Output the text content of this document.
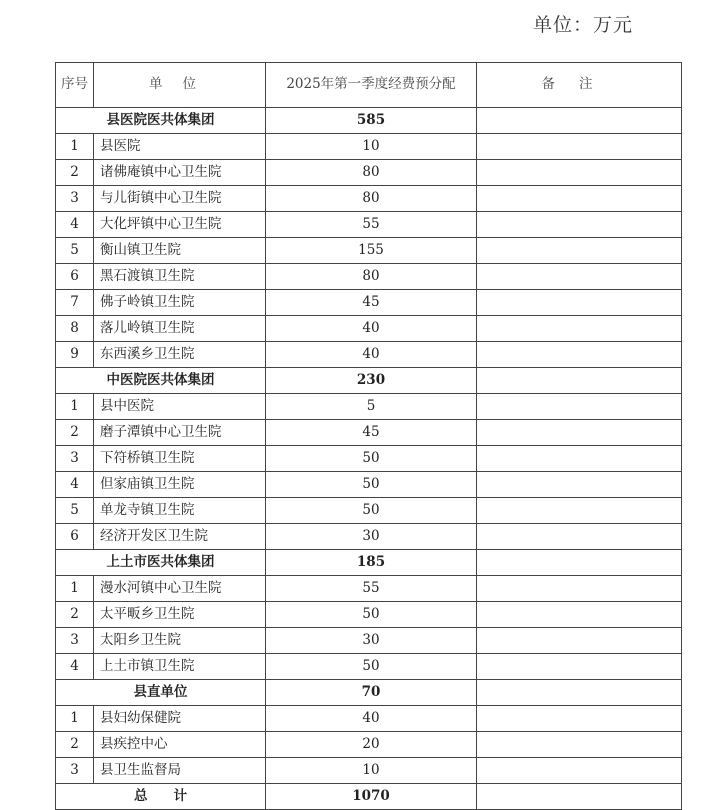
单位：万元
序号	单位	2025年第一季度经费预分配	备注
县医院医共体集团		585	
1	县医院	10	
2	诸佛庵镇中心卫生院	80	
3	与儿街镇中心卫生院	80	
4	大化坪镇中心卫生院	55	
5	衡山镇卫生院	155	
6	黑石渡镇卫生院	80	
7	佛子岭镇卫生院	45	
8	落儿岭镇卫生院	40	
9	东西溪乡卫生院	40	
中医院医共体集团		230	
1	县中医院	5	
2	磨子潭镇中心卫生院	45	
3	下符桥镇卫生院	50	
4	但家庙镇卫生院	50	
5	单龙寺镇卫生院	50	
6	经济开发区卫生院	30	
上土市医共体集团		185	
1	漫水河镇中心卫生院	55	
2	太平畈乡卫生院	50	
3	太阳乡卫生院	30	
4	上土市镇卫生院	50	
县直单位		70	
1	县妇幼保健院	40	
2	县疾控中心	20	
3	县卫生监督局	10	
总计		1070	
